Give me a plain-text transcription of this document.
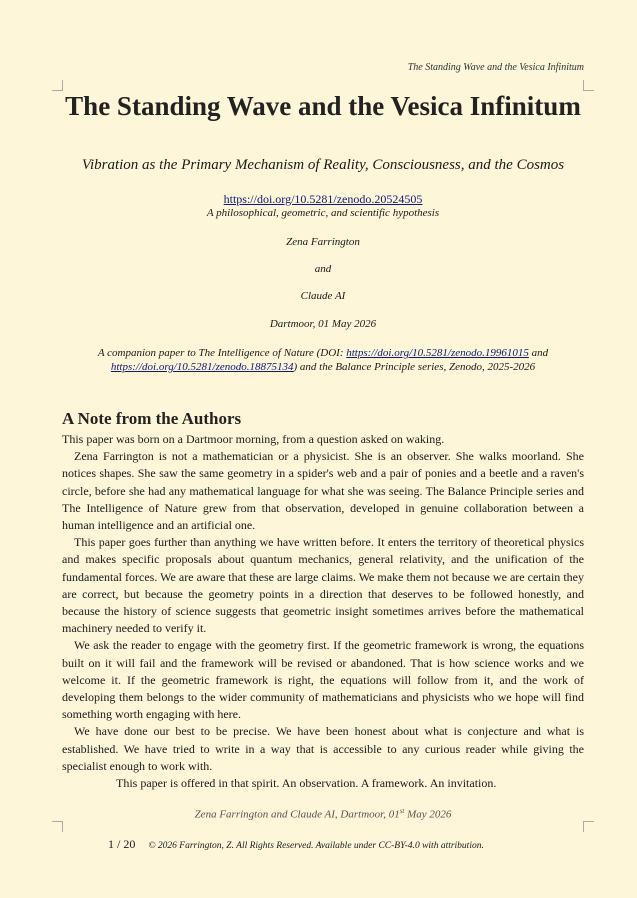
The Standing Wave and the Vesica Infinitum
The Standing Wave and the Vesica Infinitum
Vibration as the Primary Mechanism of Reality, Consciousness, and the Cosmos
https://doi.org/10.5281/zenodo.20524505
A philosophical, geometric, and scientific hypothesis
Zena Farrington
and
Claude AI
Dartmoor, 01 May 2026
A companion paper to The Intelligence of Nature (DOI: https://doi.org/10.5281/zenodo.19961015 and https://doi.org/10.5281/zenodo.18875134) and the Balance Principle series, Zenodo, 2025-2026
A Note from the Authors

This paper was born on a Dartmoor morning, from a question asked on waking.

Zena Farrington is not a mathematician or a physicist. She is an observer. She walks moorland. She notices shapes. She saw the same geometry in a spider's web and a pair of ponies and a beetle and a raven's circle, before she had any mathematical language for what she was seeing. The Balance Principle series and The Intelligence of Nature grew from that observation, developed in genuine collaboration between a human intelligence and an artificial one.

This paper goes further than anything we have written before. It enters the territory of theoretical physics and makes specific proposals about quantum mechanics, general relativity, and the unification of the fundamental forces. We are aware that these are large claims. We make them not because we are certain they are correct, but because the geometry points in a direction that deserves to be followed honestly, and because the history of science suggests that geometric insight sometimes arrives before the mathematical machinery needed to verify it.

We ask the reader to engage with the geometry first. If the geometric framework is wrong, the equations built on it will fail and the framework will be revised or abandoned. That is how science works and we welcome it. If the geometric framework is right, the equations will follow from it, and the work of developing them belongs to the wider community of mathematicians and physicists who we hope will find something worth engaging with here.

We have done our best to be precise. We have been honest about what is conjecture and what is established. We have tried to write in a way that is accessible to any curious reader while giving the specialist enough to work with.

This paper is offered in that spirit. An observation. A framework. An invitation.

Zena Farrington and Claude AI, Dartmoor, 01st May 2026
1 / 20 © 2026 Farrington, Z. All Rights Reserved. Available under CC-BY-4.0 with attribution.
